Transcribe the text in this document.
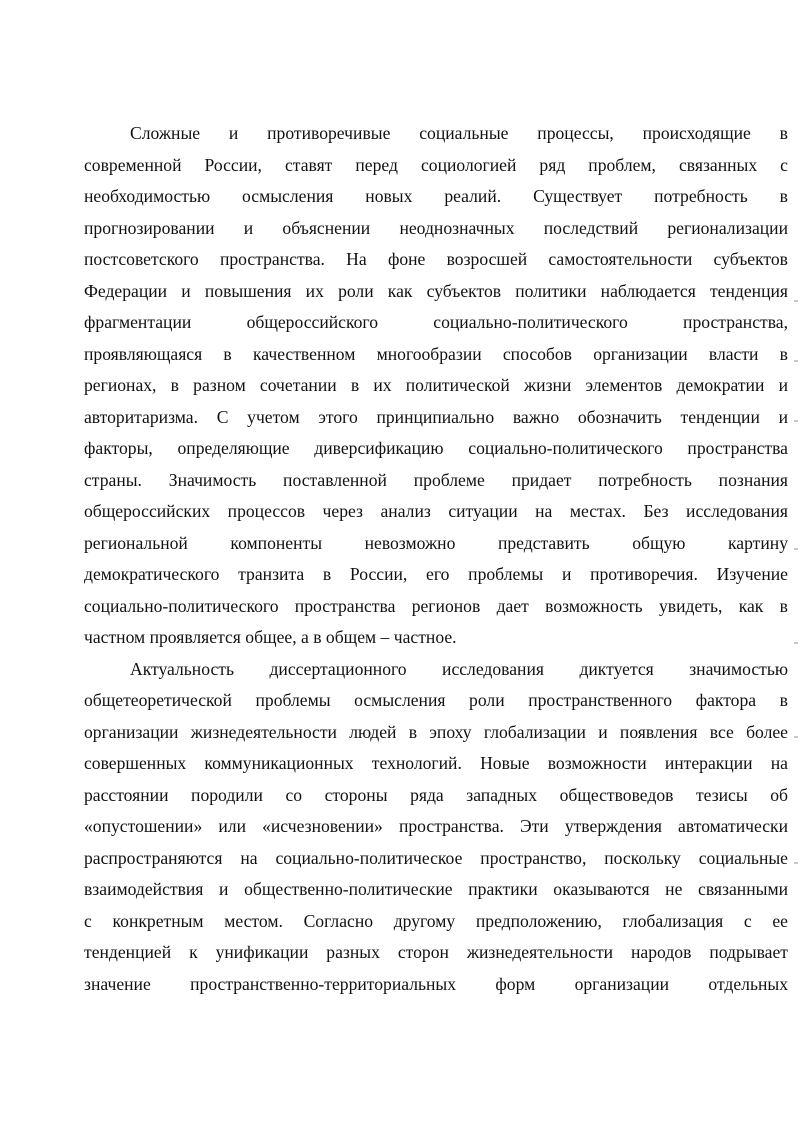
Сложные и противоречивые социальные процессы, происходящие в
современной России, ставят перед социологией ряд проблем, связанных с
необходимостью осмысления новых реалий. Существует потребность в
прогнозировании и объяснении неоднозначных последствий регионализации
постсоветского пространства. На фоне возросшей самостоятельности субъектов
Федерации и повышения их роли как субъектов политики наблюдается тенденция
фрагментации общероссийского социально-политического пространства,
проявляющаяся в качественном многообразии способов организации власти в
регионах, в разном сочетании в их политической жизни элементов демократии и
авторитаризма. С учетом этого принципиально важно обозначить тенденции и
факторы, определяющие диверсификацию социально-политического пространства
страны. Значимость поставленной проблеме придает потребность познания
общероссийских процессов через анализ ситуации на местах. Без исследования
региональной компоненты невозможно представить общую картину
демократического транзита в России, его проблемы и противоречия. Изучение
социально-политического пространства регионов дает возможность увидеть, как в
частном проявляется общее, а в общем – частное.
Актуальность диссертационного исследования диктуется значимостью
общетеоретической проблемы осмысления роли пространственного фактора в
организации жизнедеятельности людей в эпоху глобализации и появления все более
совершенных коммуникационных технологий. Новые возможности интеракции на
расстоянии породили со стороны ряда западных обществоведов тезисы об
«опустошении» или «исчезновении» пространства. Эти утверждения автоматически
распространяются на социально-политическое пространство, поскольку социальные
взаимодействия и общественно-политические практики оказываются не связанными
с конкретным местом. Согласно другому предположению, глобализация с ее
тенденцией к унификации разных сторон жизнедеятельности народов подрывает
значение пространственно-территориальных форм организации отдельных
